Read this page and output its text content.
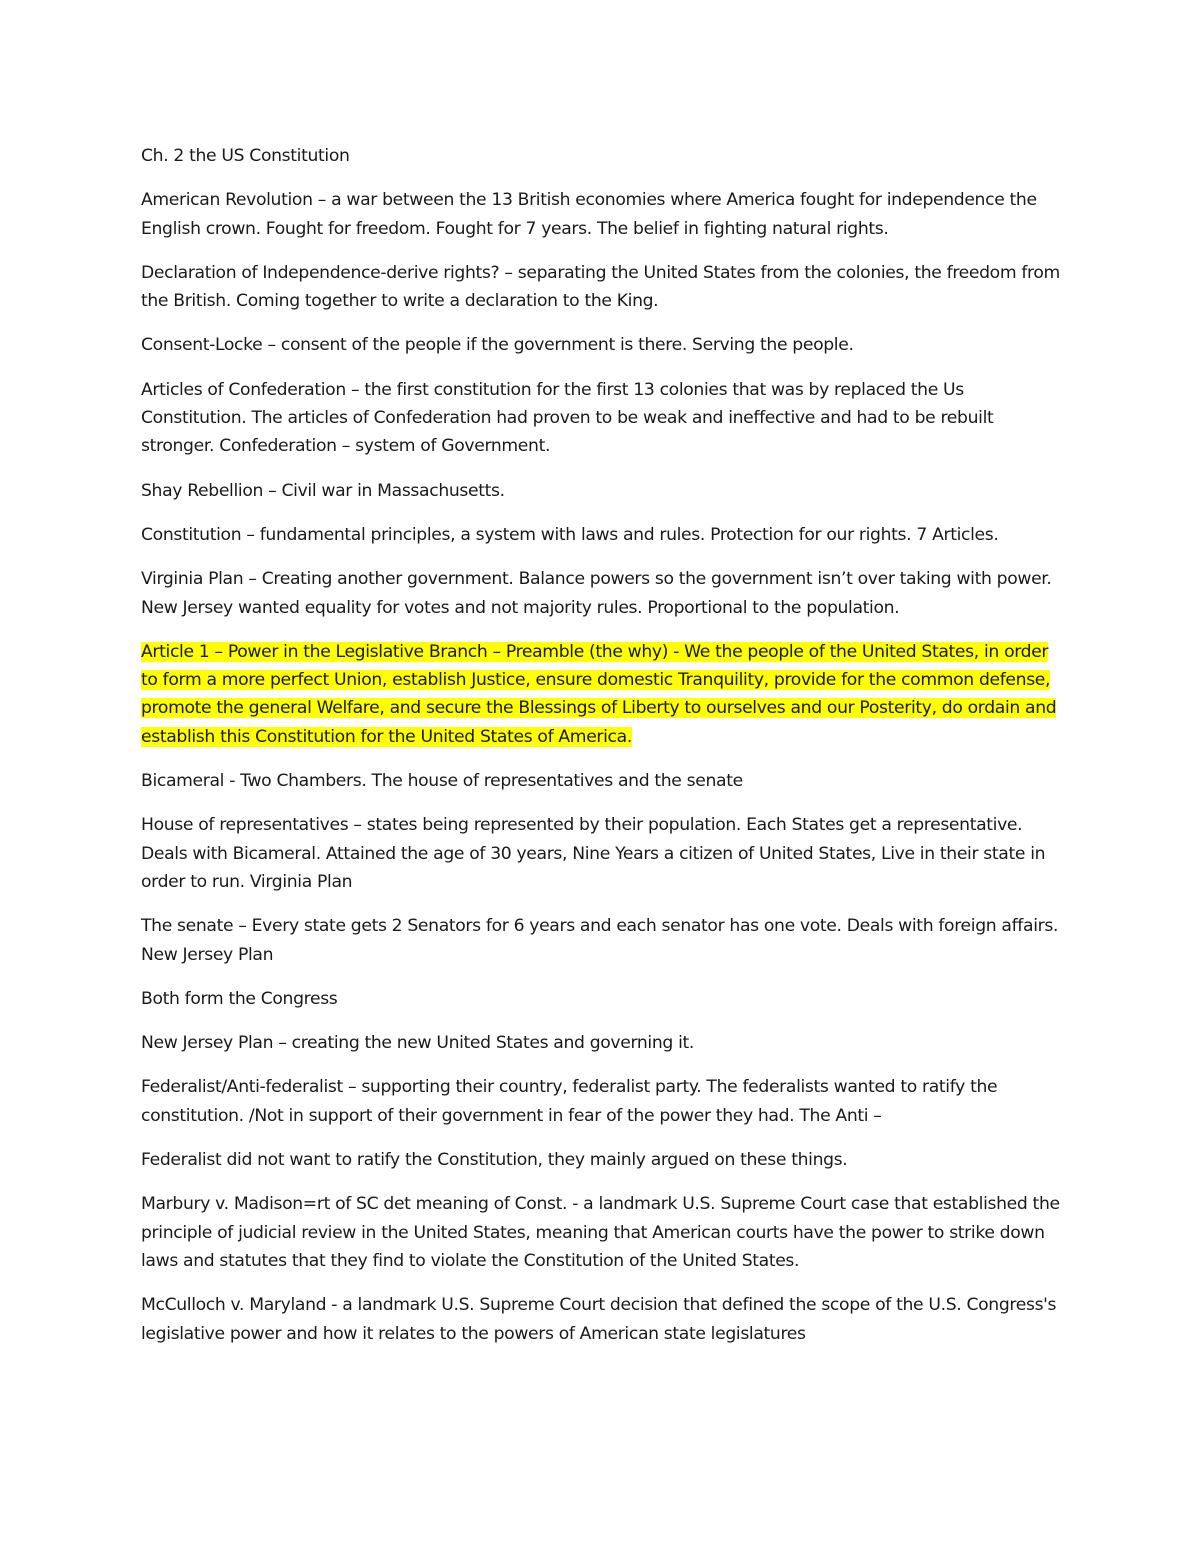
Ch. 2 the US Constitution

American Revolution – a war between the 13 British economies where America fought for independence the English crown. Fought for freedom. Fought for 7 years. The belief in fighting natural rights.

Declaration of Independence-derive rights? – separating the United States from the colonies, the freedom from the British. Coming together to write a declaration to the King.

Consent-Locke – consent of the people if the government is there. Serving the people.

Articles of Confederation – the first constitution for the first 13 colonies that was by replaced the Us Constitution. The articles of Confederation had proven to be weak and ineffective and had to be rebuilt stronger. Confederation – system of Government.

Shay Rebellion – Civil war in Massachusetts.

Constitution – fundamental principles, a system with laws and rules. Protection for our rights. 7 Articles.

Virginia Plan – Creating another government. Balance powers so the government isn’t over taking with power. New Jersey wanted equality for votes and not majority rules. Proportional to the population.

Article 1 – Power in the Legislative Branch – Preamble (the why) - We the people of the United States, in order to form a more perfect Union, establish Justice, ensure domestic Tranquility, provide for the common defense, promote the general Welfare, and secure the Blessings of Liberty to ourselves and our Posterity, do ordain and establish this Constitution for the United States of America.

Bicameral - Two Chambers. The house of representatives and the senate

House of representatives – states being represented by their population. Each States get a representative. Deals with Bicameral. Attained the age of 30 years, Nine Years a citizen of United States, Live in their state in order to run. Virginia Plan

The senate – Every state gets 2 Senators for 6 years and each senator has one vote. Deals with foreign affairs. New Jersey Plan

Both form the Congress

New Jersey Plan – creating the new United States and governing it.

Federalist/Anti-federalist – supporting their country, federalist party. The federalists wanted to ratify the constitution. /Not in support of their government in fear of the power they had. The Anti –

Federalist did not want to ratify the Constitution, they mainly argued on these things.

Marbury v. Madison=rt of SC det meaning of Const. - a landmark U.S. Supreme Court case that established the principle of judicial review in the United States, meaning that American courts have the power to strike down laws and statutes that they find to violate the Constitution of the United States.

McCulloch v. Maryland - a landmark U.S. Supreme Court decision that defined the scope of the U.S. Congress's legislative power and how it relates to the powers of American state legislatures
